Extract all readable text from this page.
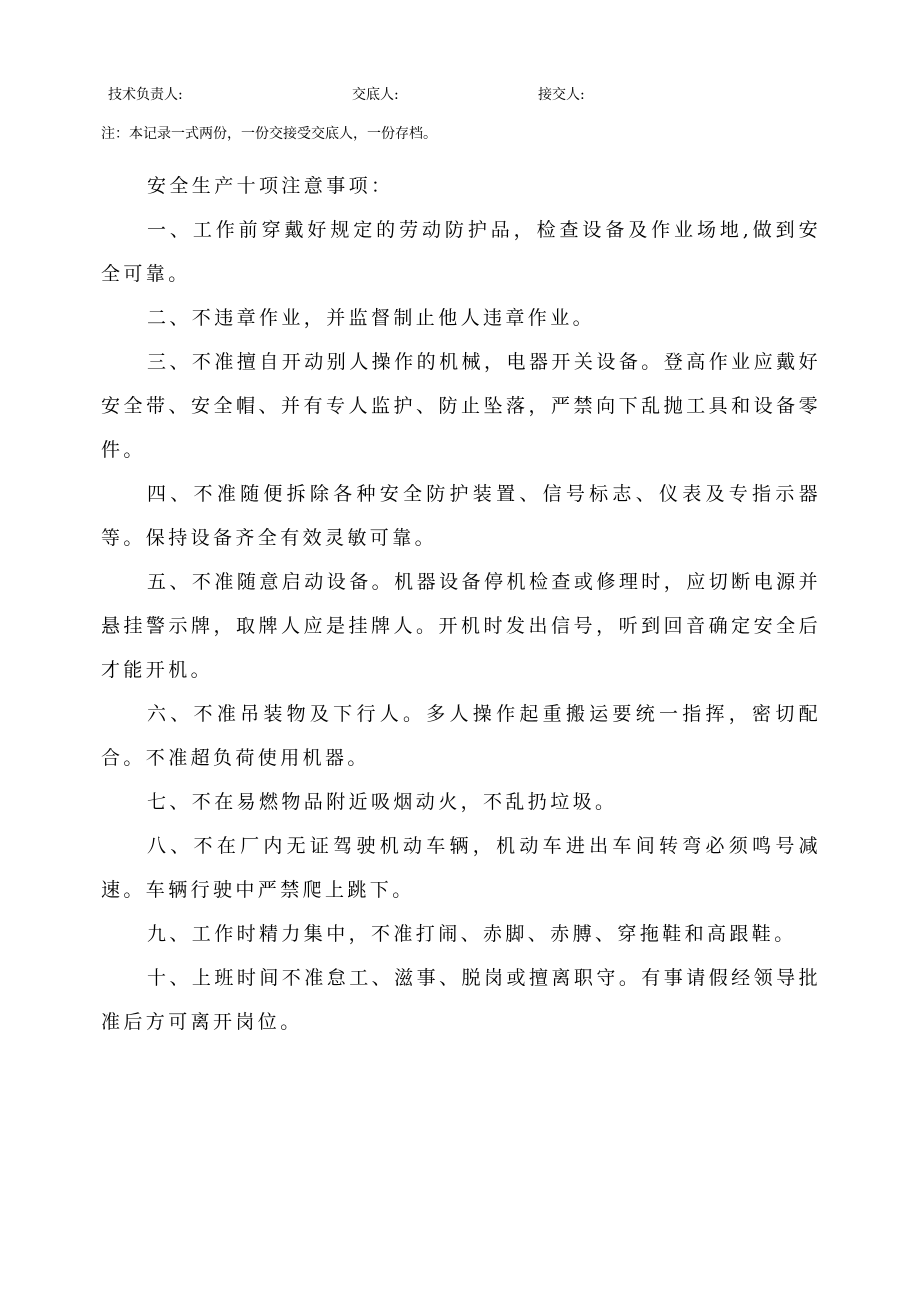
技术负责人:	交底人:	接交人:
注：本记录一式两份，一份交接受交底人，一份存档。

安全生产十项注意事项：

一、工作前穿戴好规定的劳动防护品，检查设备及作业场地,做到安全可靠。

二、不违章作业，并监督制止他人违章作业。

三、不准擅自开动别人操作的机械，电器开关设备。登高作业应戴好安全带、安全帽、并有专人监护、防止坠落，严禁向下乱抛工具和设备零件。

四、不准随便拆除各种安全防护装置、信号标志、仪表及专指示器等。保持设备齐全有效灵敏可靠。

五、不准随意启动设备。机器设备停机检查或修理时，应切断电源并悬挂警示牌，取牌人应是挂牌人。开机时发出信号，听到回音确定安全后才能开机。

六、不准吊装物及下行人。多人操作起重搬运要统一指挥，密切配合。不准超负荷使用机器。

七、不在易燃物品附近吸烟动火，不乱扔垃圾。

八、不在厂内无证驾驶机动车辆，机动车进出车间转弯必须鸣号减速。车辆行驶中严禁爬上跳下。

九、工作时精力集中，不准打闹、赤脚、赤膊、穿拖鞋和高跟鞋。

十、上班时间不准怠工、滋事、脱岗或擅离职守。有事请假经领导批准后方可离开岗位。
